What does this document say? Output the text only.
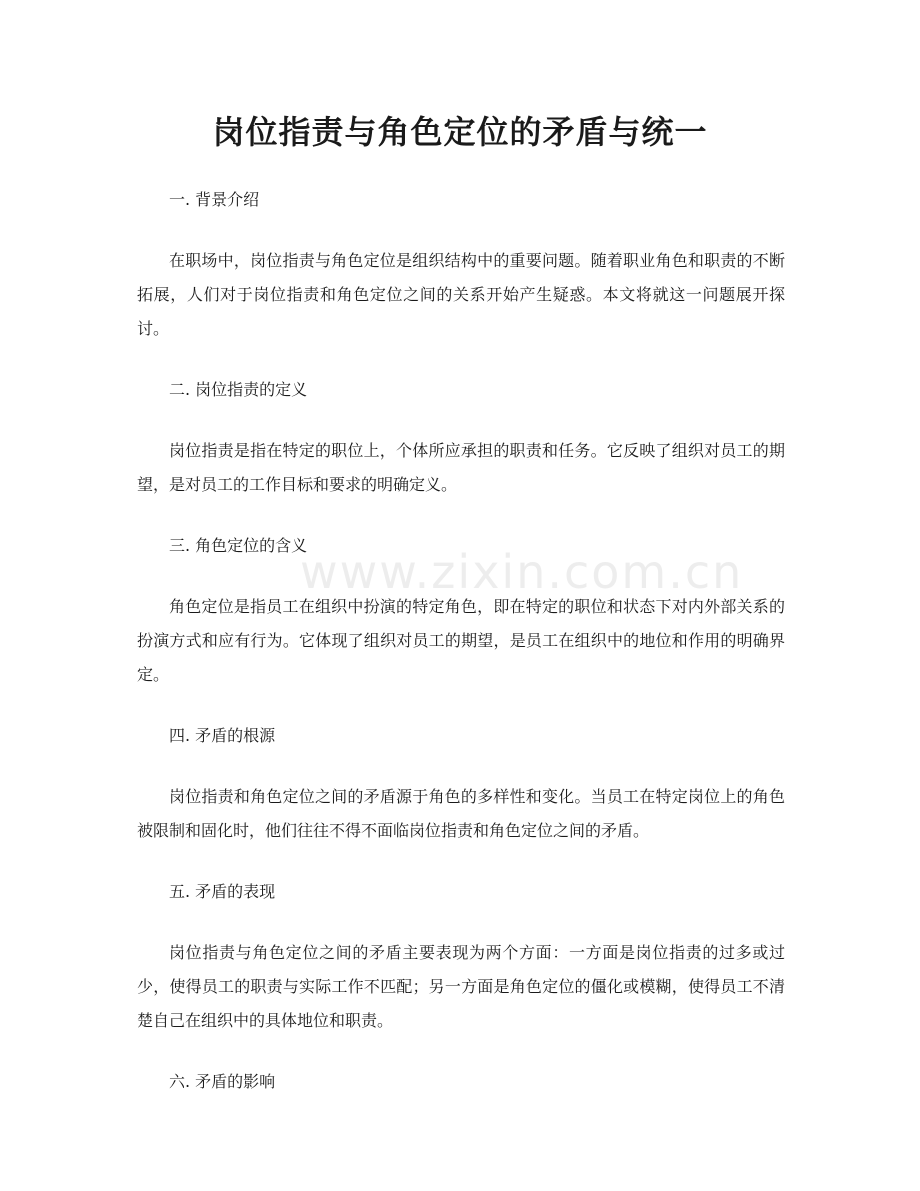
岗位指责与角色定位的矛盾与统一
www.zixin.com.cn

一. 背景介绍

在职场中，岗位指责与角色定位是组织结构中的重要问题。随着职业角色和职责的不断拓展，人们对于岗位指责和角色定位之间的关系开始产生疑惑。本文将就这一问题展开探讨。

二. 岗位指责的定义

岗位指责是指在特定的职位上，个体所应承担的职责和任务。它反映了组织对员工的期望，是对员工的工作目标和要求的明确定义。

三. 角色定位的含义

角色定位是指员工在组织中扮演的特定角色，即在特定的职位和状态下对内外部关系的扮演方式和应有行为。它体现了组织对员工的期望，是员工在组织中的地位和作用的明确界定。

四. 矛盾的根源

岗位指责和角色定位之间的矛盾源于角色的多样性和变化。当员工在特定岗位上的角色被限制和固化时，他们往往不得不面临岗位指责和角色定位之间的矛盾。

五. 矛盾的表现

岗位指责与角色定位之间的矛盾主要表现为两个方面：一方面是岗位指责的过多或过少，使得员工的职责与实际工作不匹配；另一方面是角色定位的僵化或模糊，使得员工不清楚自己在组织中的具体地位和职责。

六. 矛盾的影响
